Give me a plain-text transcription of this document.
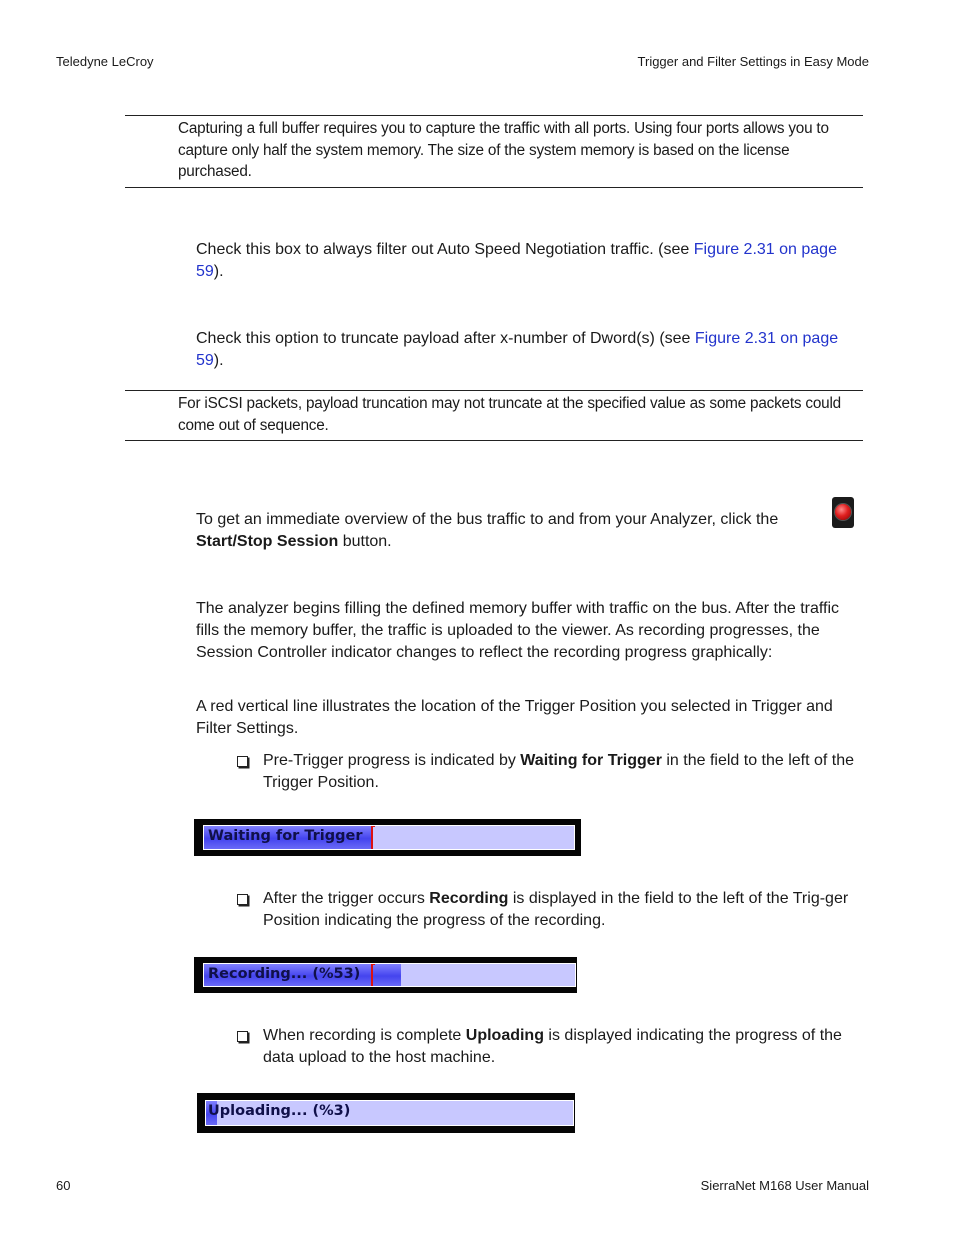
Teledyne LeCroy	Trigger and Filter Settings in Easy Mode
Capturing a full buffer requires you to capture the traffic with all ports. Using four ports allows you to capture only half the system memory. The size of the system memory is based on the license purchased.
Check this box to always filter out Auto Speed Negotiation traffic. (see Figure 2.31 on page 59).
Check this option to truncate payload after x-number of Dword(s) (see Figure 2.31 on page 59).
For iSCSI packets, payload truncation may not truncate at the specified value as some packets could come out of sequence.
To get an immediate overview of the bus traffic to and from your Analyzer, click the
Start/Stop Session button.
The analyzer begins filling the defined memory buffer with traffic on the bus. After the traffic fills the memory buffer, the traffic is uploaded to the viewer. As recording progresses, the Session Controller indicator changes to reflect the recording progress graphically:
A red vertical line illustrates the location of the Trigger Position you selected in Trigger and Filter Settings.
Pre-Trigger progress is indicated by Waiting for Trigger in the field to the left of the Trigger Position.
Waiting for Trigger
After the trigger occurs Recording is displayed in the field to the left of the Trig-ger Position indicating the progress of the recording.
Recording... (%53)
When recording is complete Uploading is displayed indicating the progress of the data upload to the host machine.
Uploading... (%3)
60	SierraNet M168 User Manual
